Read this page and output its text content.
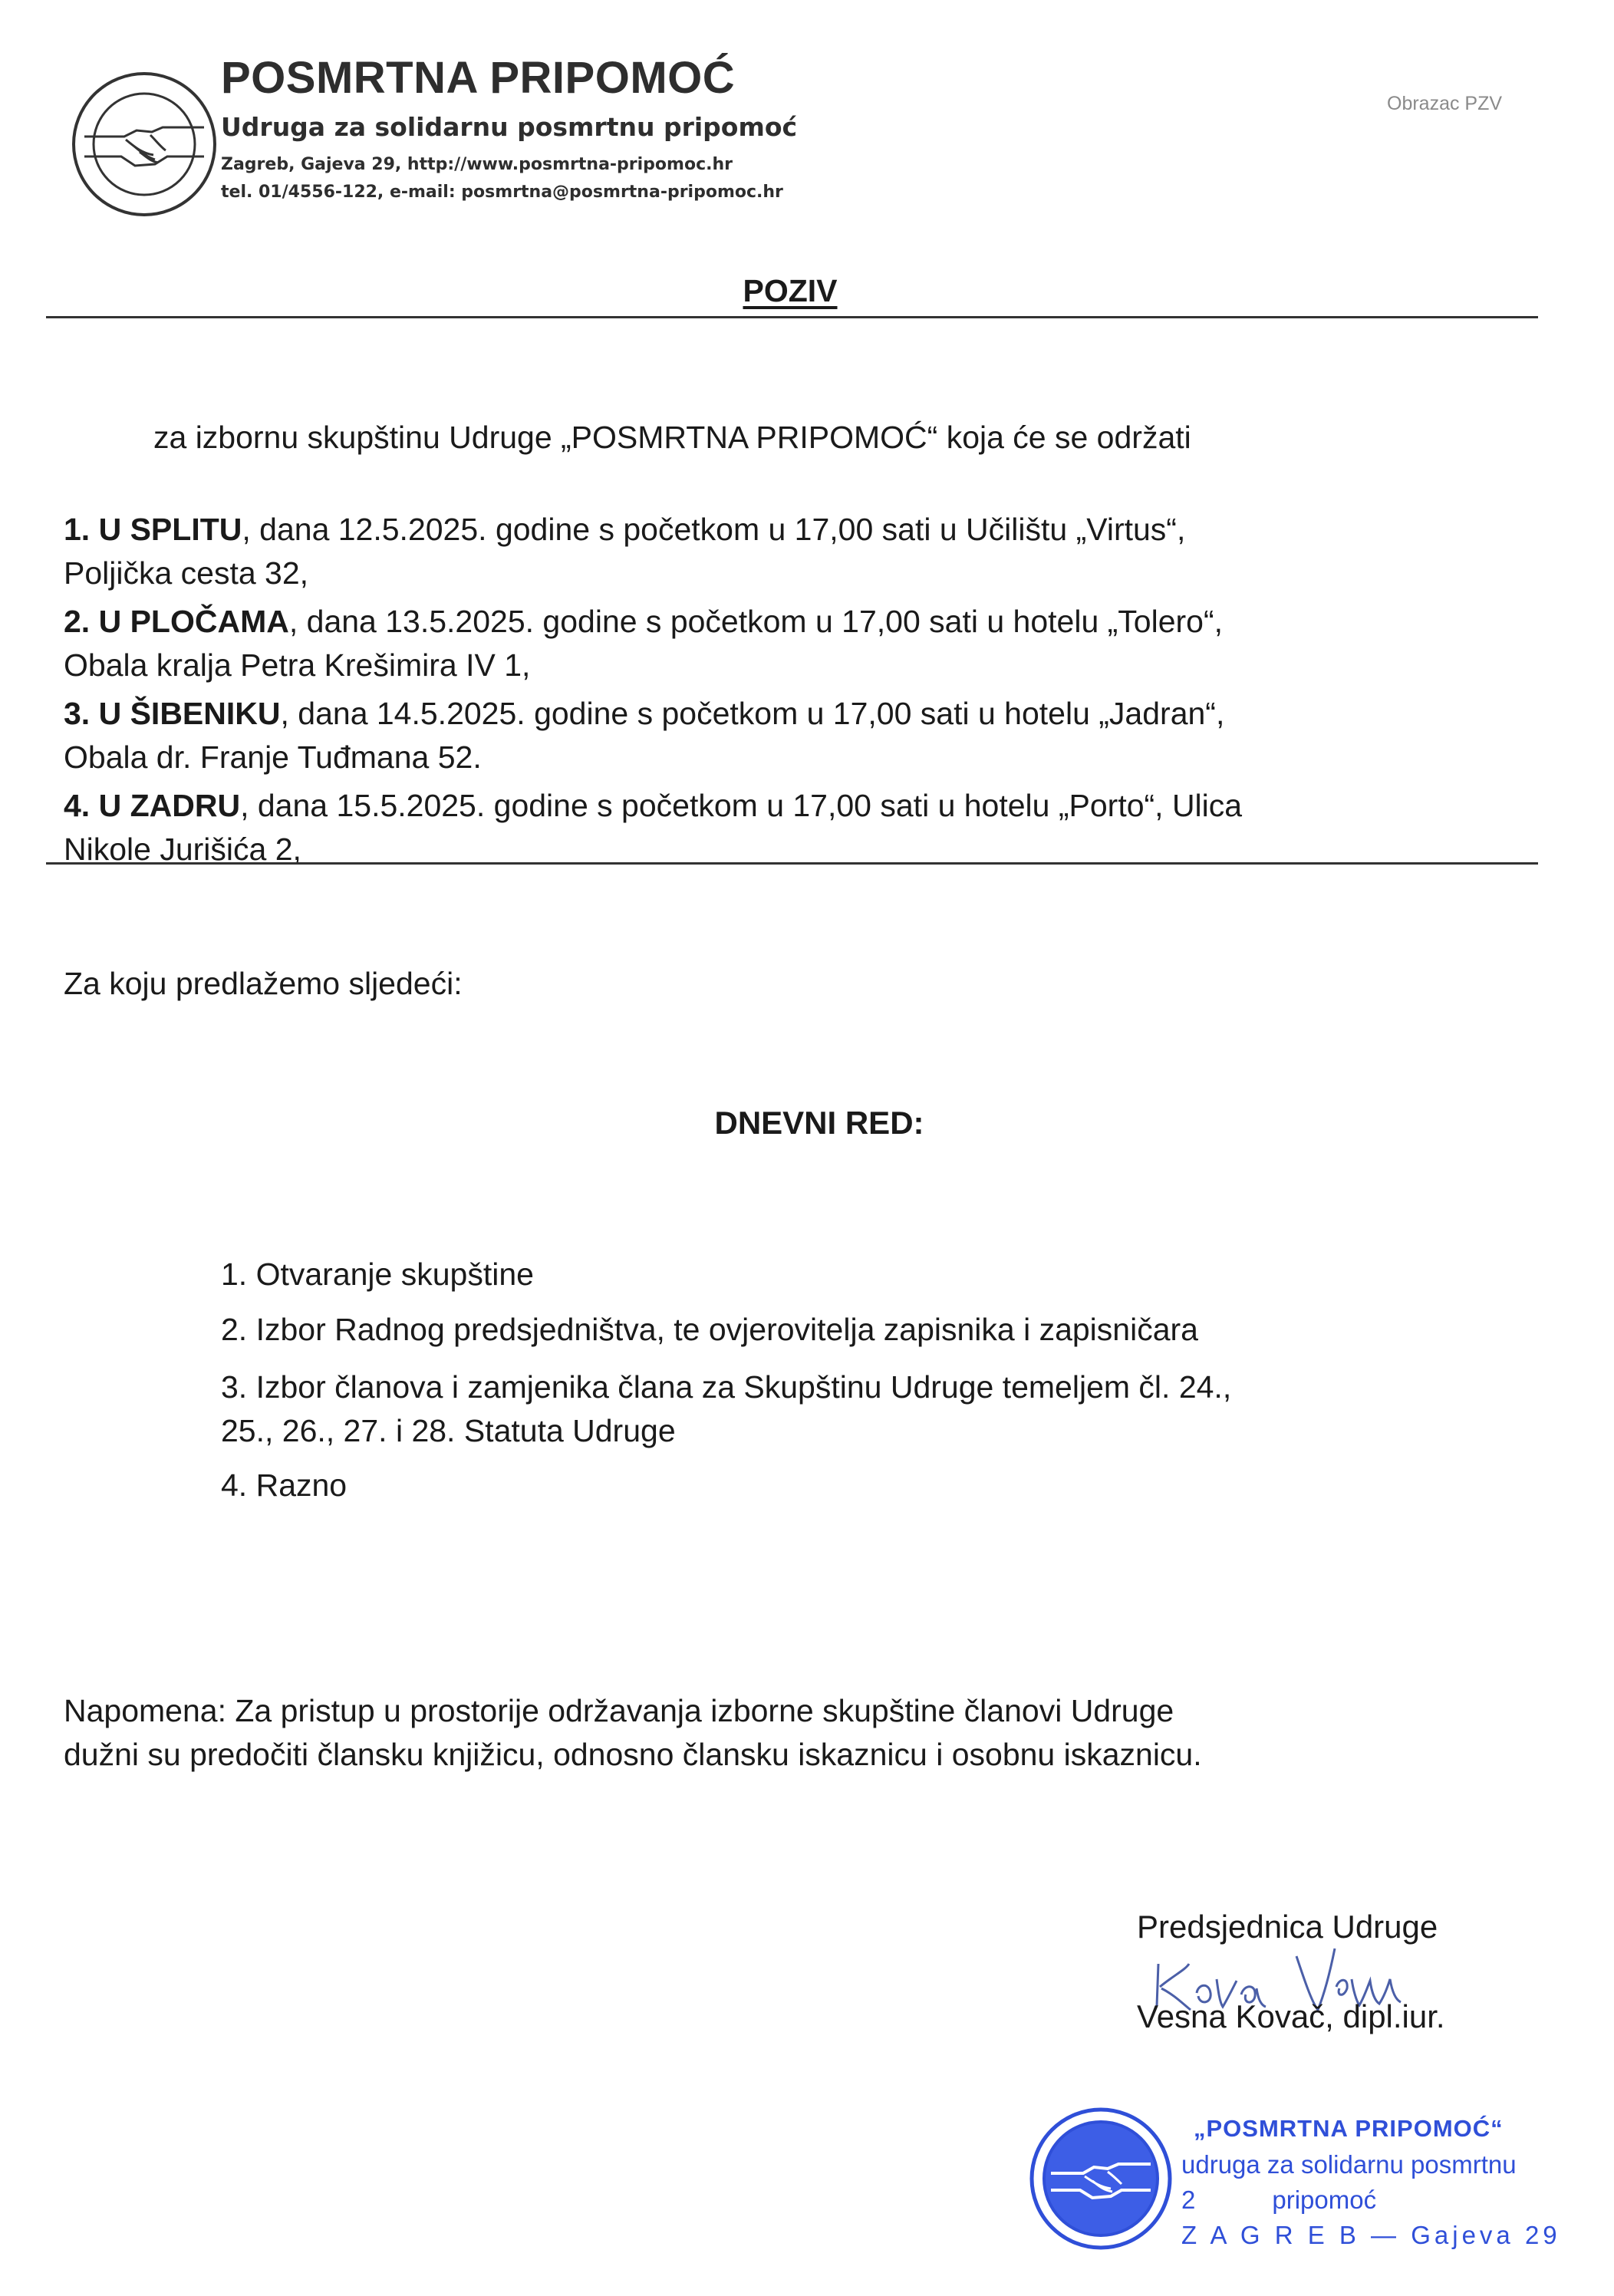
POSMRTNA PRIPOMOĆ
Udruga za solidarnu posmrtnu pripomoć
Zagreb, Gajeva 29, http://www.posmrtna-pripomoc.hr
tel. 01/4556-122, e-mail: posmrtna@posmrtna-pripomoc.hr
Obrazac PZV
POZIV
za izbornu skupštinu Udruge „POSMRTNA PRIPOMOĆ“ koja će se održati
1. U SPLITU, dana 12.5.2025. godine s početkom u 17,00 sati u Učilištu „Virtus“,
Poljička cesta 32,
2. U PLOČAMA, dana 13.5.2025. godine s početkom u 17,00 sati u hotelu „Tolero“,
Obala kralja Petra Krešimira IV 1,
3. U ŠIBENIKU, dana 14.5.2025. godine s početkom u 17,00 sati u hotelu „Jadran“,
Obala dr. Franje Tuđmana 52.
4. U ZADRU, dana 15.5.2025. godine s početkom u 17,00 sati u hotelu „Porto“, Ulica
Nikole Jurišića 2,
Za koju predlažemo sljedeći:
DNEVNI RED:
1. Otvaranje skupštine
2. Izbor Radnog predsjedništva, te ovjerovitelja zapisnika i zapisničara
3. Izbor članova i zamjenika člana za Skupštinu Udruge temeljem čl. 24.,
25., 26., 27. i 28. Statuta Udruge
4. Razno
Napomena: Za pristup u prostorije održavanja izborne skupštine članovi Udruge
dužni su predočiti člansku knjižicu, odnosno člansku iskaznicu i osobnu iskaznicu.
Predsjednica Udruge
Vesna Kovač, dipl.iur.
„POSMRTNA PRIPOMOĆ“
udruga za solidarnu posmrtnu
2	pripomoć
Z A G R E B — Gajeva 29
